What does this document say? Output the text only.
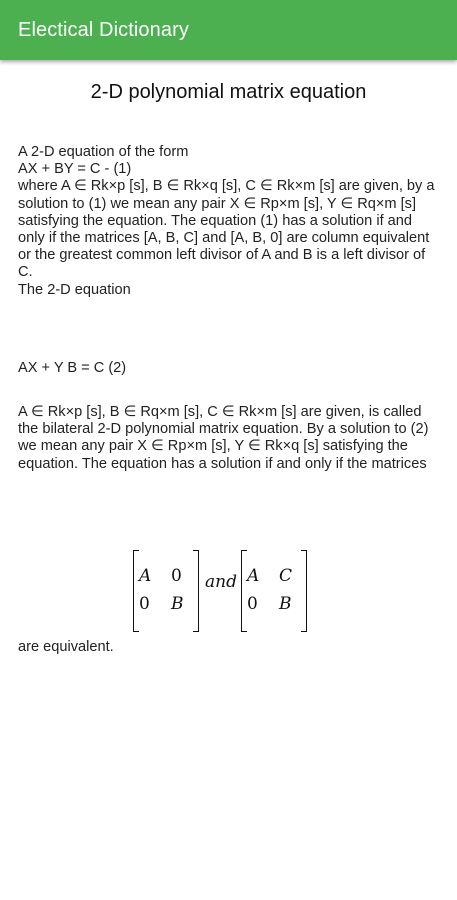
Electical Dictionary
2-D polynomial matrix equation
A 2-D equation of the form
AX + BY = C - (1)
where A ∈ Rk×p [s], B ∈ Rk×q [s], C ∈ Rk×m [s] are given, by a solution to (1) we mean any pair X ∈ Rp×m [s], Y ∈ Rq×m [s] satisfying the equation. The equation (1) has a solution if and only if the matrices [A, B, C] and [A, B, 0] are column equivalent or the greatest common left divisor of A and B is a left divisor of C.
The 2-D equation
AX + Y B = C (2)
A ∈ Rk×p [s], B ∈ Rq×m [s], C ∈ Rk×m [s] are given, is called the bilateral 2-D polynomial matrix equation. By a solution to (2) we mean any pair X ∈ Rp×m [s], Y ∈ Rk×q [s] satisfying the equation. The equation has a solution if and only if the matrices
A	0
0	B
and A	C
0	B
are equivalent.
